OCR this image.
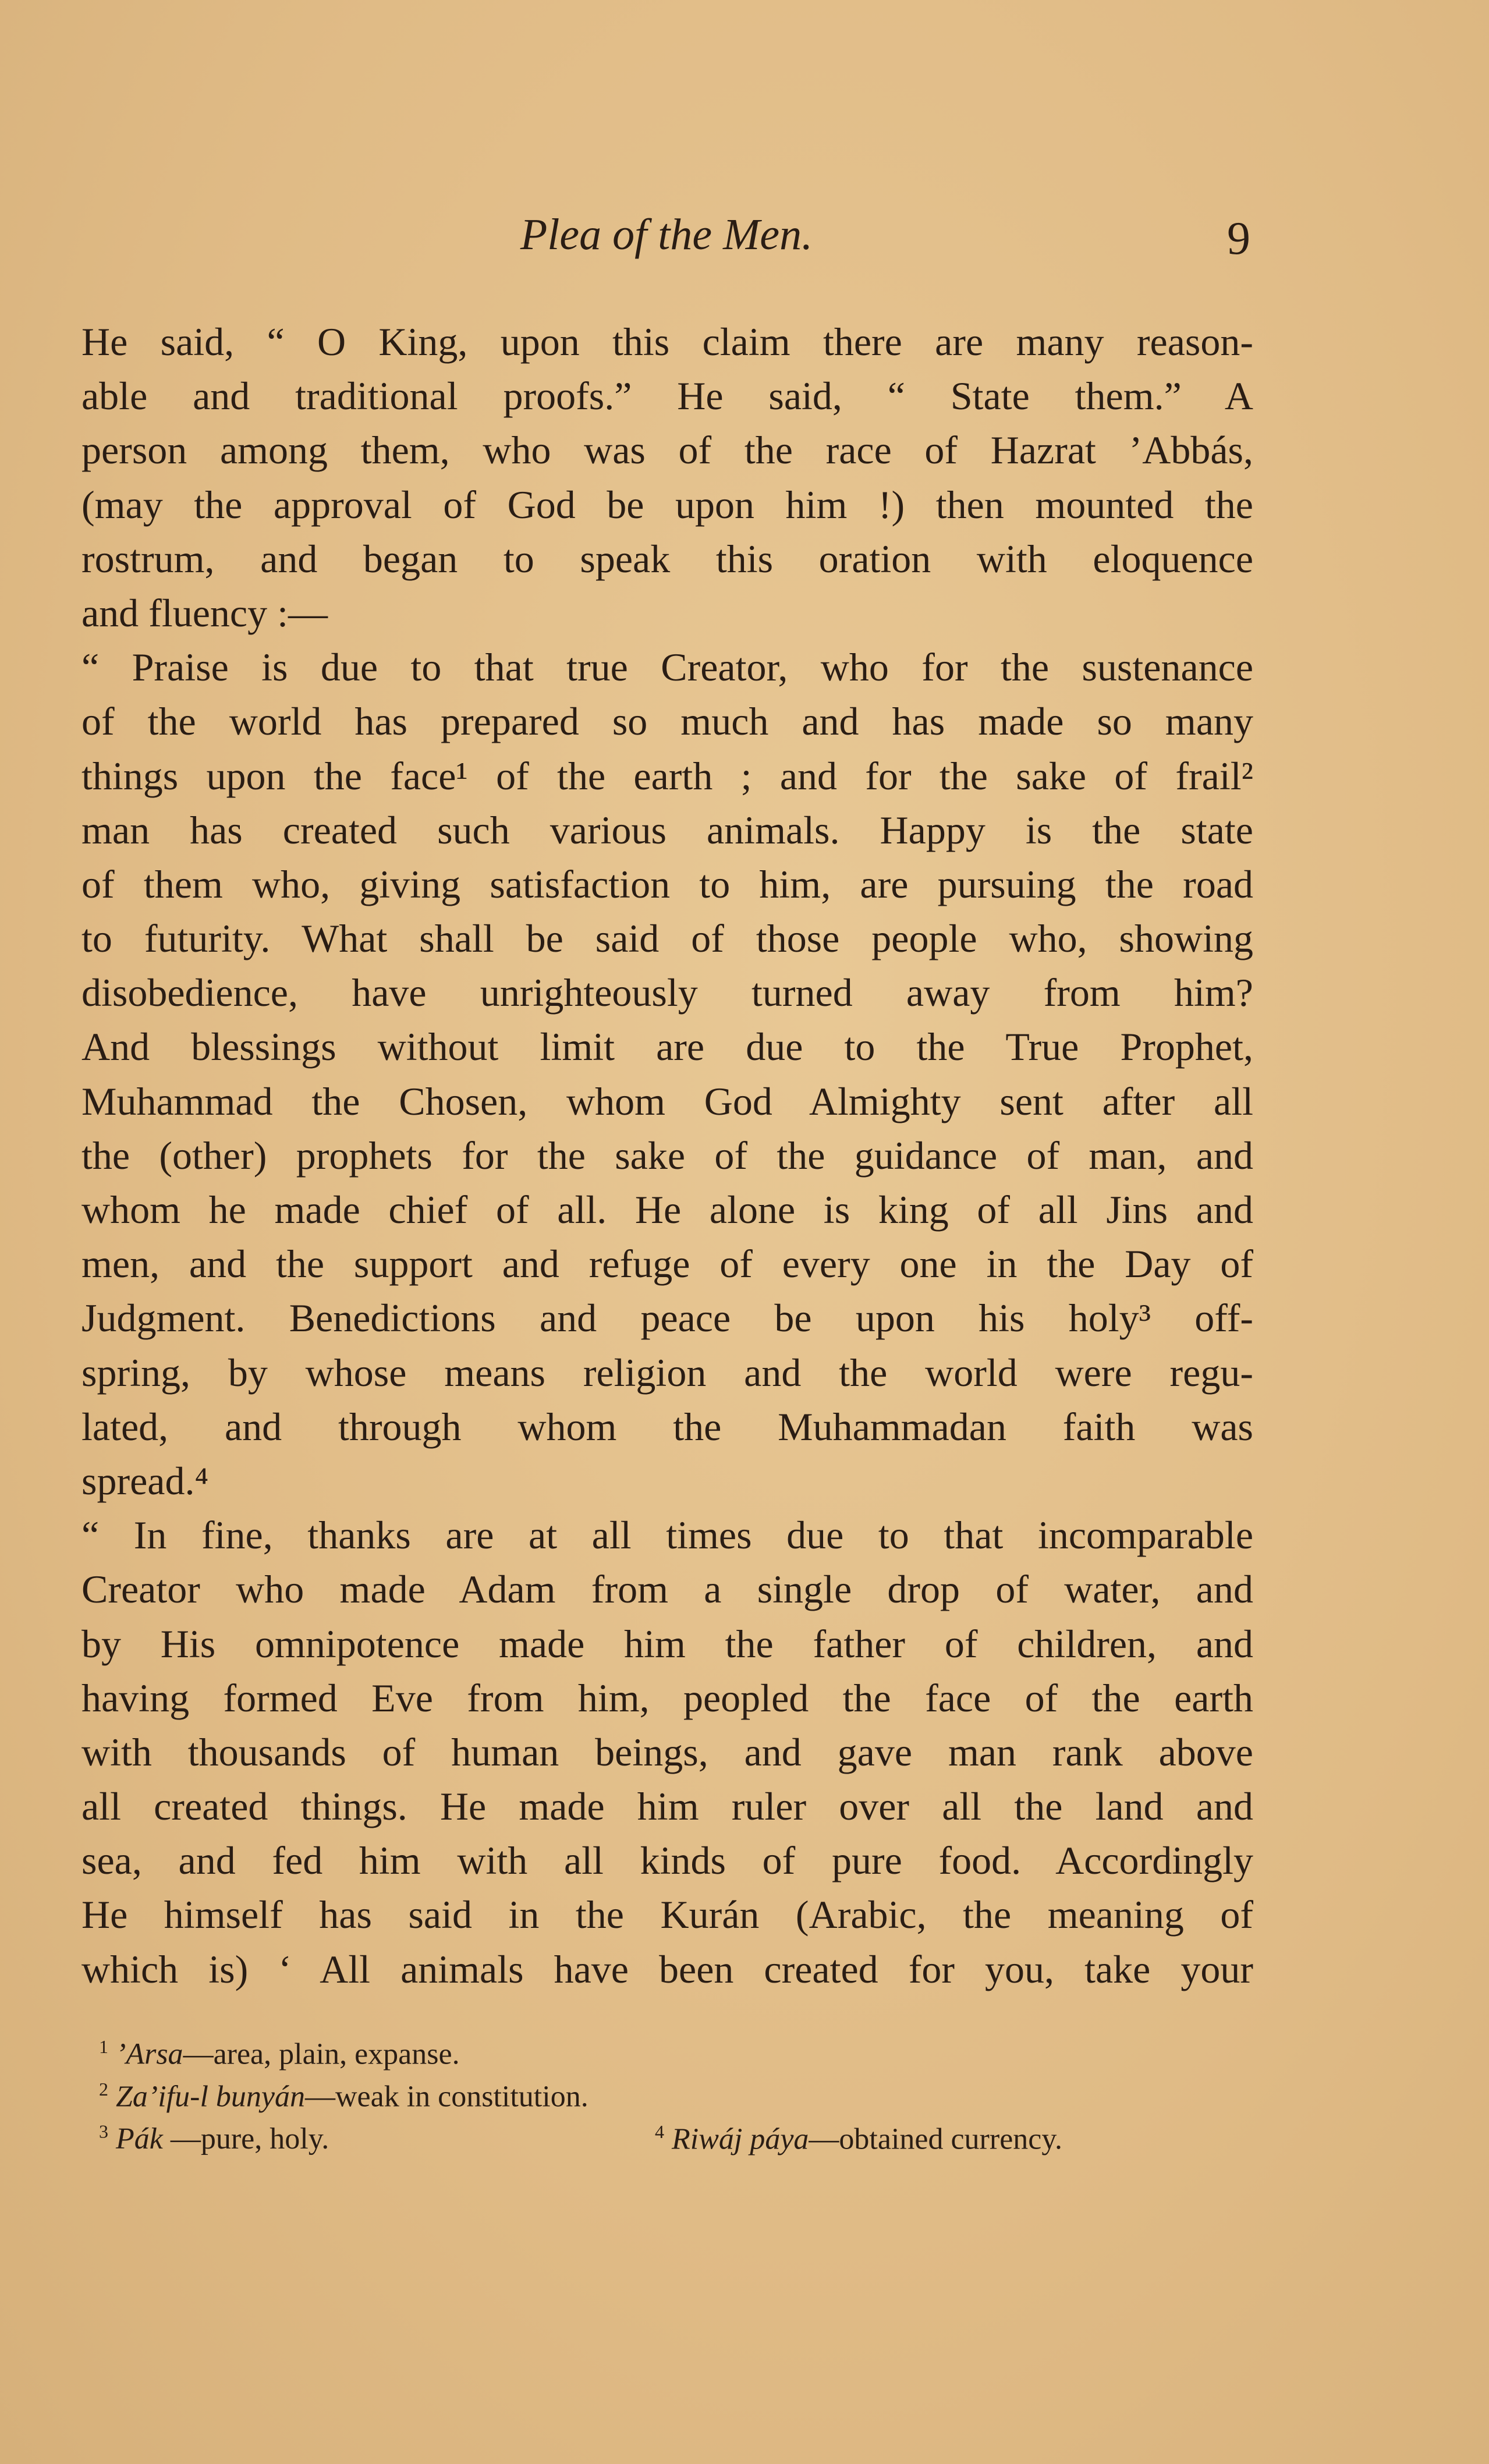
Plea of the Men.	9
He said, “ O King, upon this claim there are many reason-
able and traditional proofs.” He said, “ State them.” A
person among them, who was of the race of Hazrat ’Abbás,
(may the approval of God be upon him !) then mounted the
rostrum, and began to speak this oration with eloquence
and fluency :—
“ Praise is due to that true Creator, who for the sustenance
of the world has prepared so much and has made so many
things upon the face¹ of the earth ; and for the sake of frail²
man has created such various animals. Happy is the state
of them who, giving satisfaction to him, are pursuing the road
to futurity. What shall be said of those people who, showing
disobedience, have unrighteously turned away from him?
And blessings without limit are due to the True Prophet,
Muhammad the Chosen, whom God Almighty sent after all
the (other) prophets for the sake of the guidance of man, and
whom he made chief of all. He alone is king of all Jins and
men, and the support and refuge of every one in the Day of
Judgment. Benedictions and peace be upon his holy³ off-
spring, by whose means religion and the world were regu-
lated, and through whom the Muhammadan faith was
spread.⁴
“ In fine, thanks are at all times due to that incomparable
Creator who made Adam from a single drop of water, and
by His omnipotence made him the father of children, and
having formed Eve from him, peopled the face of the earth
with thousands of human beings, and gave man rank above
all created things. He made him ruler over all the land and
sea, and fed him with all kinds of pure food. Accordingly
He himself has said in the Kurán (Arabic, the meaning of
which is) ‘ All animals have been created for you, take your
$^1$ ’Arsa—area, plain, expanse.
$^2$ Za’ifu-l bunyán—weak in constitution.
$^3$ Pák —pure, holy.	$^4$ Riwáj páya—obtained currency.
